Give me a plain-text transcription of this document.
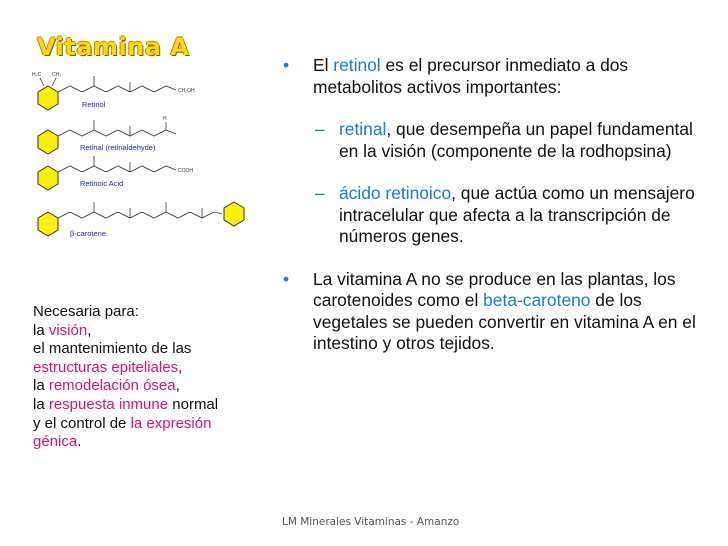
Vitamina A
H₃C CH₃
CH₂OH
Retinol
H
Retinal (retinaldehyde)
COOH
Retinoic Acid
β-carotene
Necesaria para:
la visión,
el mantenimiento de las
estructuras epiteliales,
la remodelación ósea,
la respuesta inmune normal
y el control de la expresión
génica.
•	El retinol es el precursor inmediato a dos metabolitos activos importantes:
– retinal, que desempeña un papel fundamental en la visión (componente de la rodhopsina)
– ácido retinoico, que actúa como un mensajero intracelular que afecta a la transcripción de números genes.
•	La vitamina A no se produce en las plantas, los carotenoides como el beta-caroteno de los vegetales se pueden convertir en vitamina A en el intestino y otros tejidos.
LM Minerales Vitaminas - Amanzo
